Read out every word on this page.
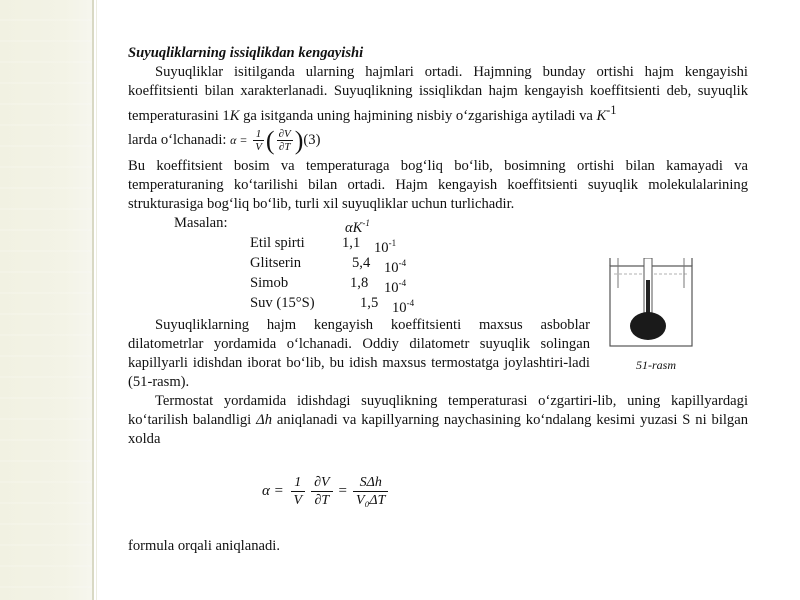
Suyuqliklarning issiqlikdan kengayishi

Suyuqliklar isitilganda ularning hajmlari ortadi. Hajmning bunday ortishi hajm kengayishi koeffitsienti bilan xarakterlanadi. Suyuqlikning issiqlikdan hajm kengayish koeffitsienti deb, suyuqlik temperaturasini 1K ga isitganda uning hajmining nisbiy o‘zgarishiga aytiladi va $K^{-1}$

larda o‘lchanadi: $\alpha = \frac{1}{V}$ ( $\frac{\partial V}{\partial T} )(3)$

Bu koeffitsient bosim va temperaturaga bog‘liq bo‘lib, bosimning ortishi bilan kamayadi va temperaturaning ko‘tarilishi bilan ortadi. Hajm kengayish koeffitsienti suyuqlik molekulalarining strukturasiga bog‘liq bo‘lib, turli xil suyuqliklar uchun turlichadir.

Masalan:	$\alpha K^{-1}$
Etil spirti	1,1 $10^{-1}$
Glitserin	5,4 $10^{-4}$
Simob	1,8 $10^{-4}$
Suv (15°S)	1,5 $10^{-4}$

Suyuqliklarning hajm kengayish koeffitsienti maxsus asboblar dilatometrlar yordamida o‘lchanadi. Oddiy dilatometr suyuqlik solingan kapillyarli idishdan iborat bo‘lib, bu idish maxsus termostatga joylashtiri-ladi (51-rasm).

Termostat yordamida idishdagi suyuqlikning temperaturasi o‘zgartiri-lib, uning kapillyardagi ko‘tarilish balandligi Δh aniqlanadi va kapillyarning naychasining ko‘ndalang kesimi yuzasi S ni bilgan xolda

51-rasm
$\alpha = \frac{1}{V} \frac{\partial V}{\partial T} = \frac{\text{SΔh}}{\text{V₀ΔT}}$
formula orqali aniqlanadi.
